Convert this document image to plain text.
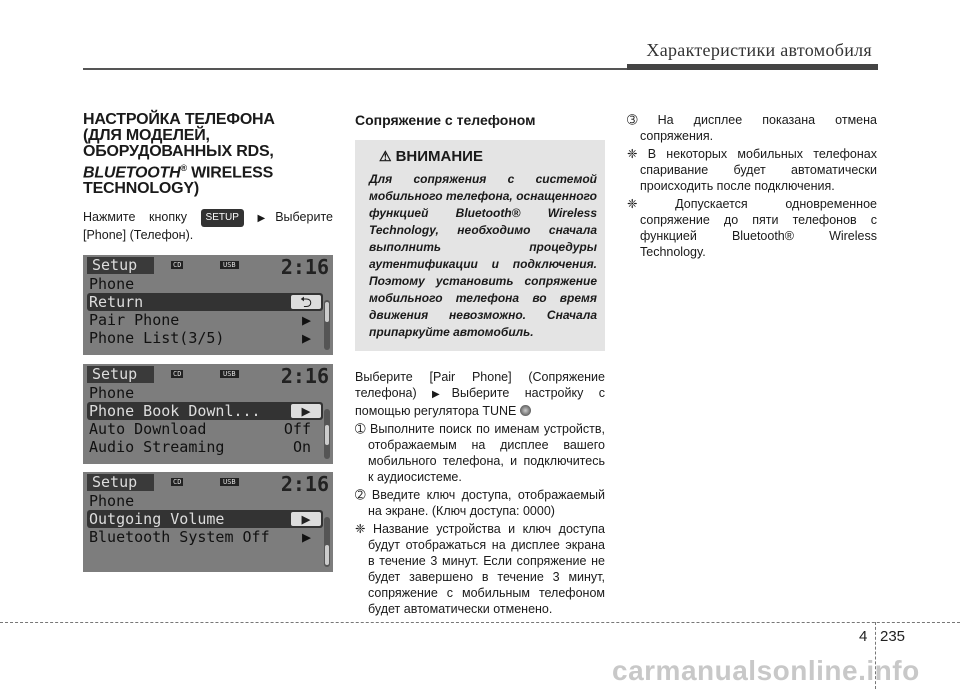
Характеристики автомобиля
НАСТРОЙКА ТЕЛЕФОНА
(ДЛЯ МОДЕЛЕЙ,
ОБОРУДОВАННЫХ RDS,
BLUETOOTH® WIRELESS
TECHNOLOGY)
Нажмите кнопку SETUP ▶Выберите [Phone] (Телефон).
Setup	CD	USB 2:16
Phone
Return	⮌
Pair Phone	▶
Phone List(3/5)	▶
Setup	CD	USB 2:16
Phone
Phone Book Downl...	▶
Auto Download	Off
Audio Streaming	On
Setup	CD	USB 2:16
Phone
Outgoing Volume	▶
Bluetooth System Off ▶
Сопряжение с телефоном
⚠ ВНИМАНИЕ
Для сопряжения с системой мобильного телефона, оснащенного функцией Bluetooth® Wireless Technology, необходимо сначала выполнить процедуры аутентификации и подключения. Поэтому установить сопряжение мобильного телефона во время движения невозможно. Сначала припаркуйте автомобиль.
Выберите [Pair Phone] (Сопряжение телефона) ▶Выберите настройку с помощью регулятора TUNE
➀ Выполните поиск по именам устройств, отображаемым на дисплее вашего мобильного телефона, и подключитесь к аудиосистеме.
➁ Введите ключ доступа, отображаемый на экране. (Ключ доступа: 0000)
❈ Название устройства и ключ доступа будут отображаться на дисплее экрана в течение 3 минут. Если сопряжение не будет завершено в течение 3 минут, сопряжение с мобильным телефоном будет автоматически отменено.
➂ На дисплее показана отмена сопряжения.
❈ В некоторых мобильных телефонах спаривание будет автоматически происходить после подключения.
❈ Допускается одновременное сопряжение до пяти телефонов с функцией Bluetooth® Wireless Technology.
4 235
carmanualsonline.info
